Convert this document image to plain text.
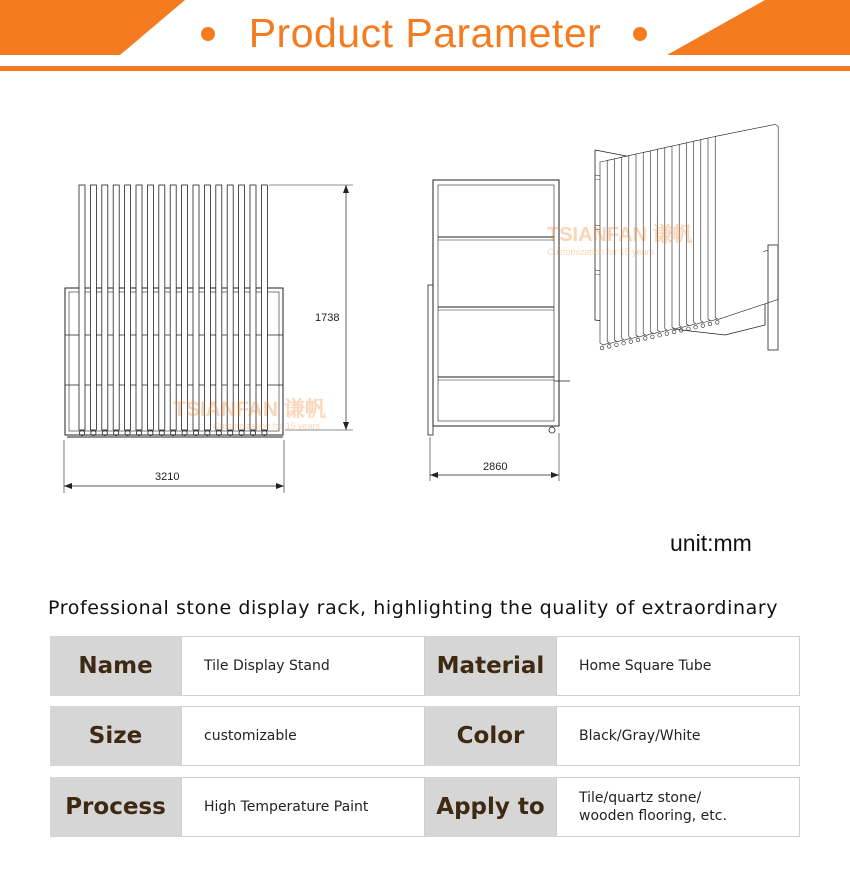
Product Parameter
1738
3210
TSIANFAN 谦帆
Customization for 15 years
2860
TSIANFAN 谦帆
Customization for 15 years
unit:mm
Professional stone display rack, highlighting the quality of extraordinary
Name	Tile Display Stand	Material	Home Square Tube
Size	customizable	Color	Black/Gray/White
Process	High Temperature Paint	Apply to	Tile/quartz stone/
wooden flooring, etc.
